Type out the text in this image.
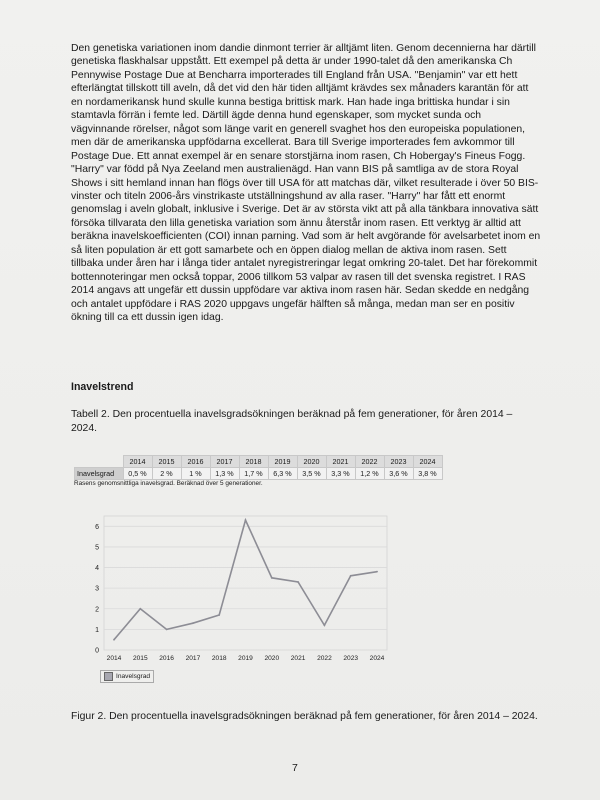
Den genetiska variationen inom dandie dinmont terrier är alltjämt liten. Genom decennierna har därtill genetiska flaskhalsar uppstått. Ett exempel på detta är under 1990-talet då den amerikanska Ch Pennywise Postage Due at Bencharra importerades till England från USA. "Benjamin" var ett hett efterlängtat tillskott till aveln, då det vid den här tiden alltjämt krävdes sex månaders karantän för att en nordamerikansk hund skulle kunna bestiga brittisk mark. Han hade inga brittiska hundar i sin stamtavla förrän i femte led. Därtill ägde denna hund egenskaper, som mycket sunda och vägvinnande rörelser, något som länge varit en generell svaghet hos den europeiska populationen, men där de amerikanska uppfödarna excellerat. Bara till Sverige importerades fem avkommor till Postage Due. Ett annat exempel är en senare storstjärna inom rasen, Ch Hobergay's Fineus Fogg. "Harry" var född på Nya Zeeland men australienägd. Han vann BIS på samtliga av de stora Royal Shows i sitt hemland innan han flögs över till USA för att matchas där, vilket resulterade i över 50 BIS-vinster och titeln 2006-års vinstrikaste utställningshund av alla raser. "Harry" har fått ett enormt genomslag i aveln globalt, inklusive i Sverige. Det är av största vikt att på alla tänkbara innovativa sätt försöka tillvarata den lilla genetiska variation som ännu återstår inom rasen. Ett verktyg är alltid att beräkna inavelskoefficienten (COI) innan parning. Vad som är helt avgörande för avelsarbetet inom en så liten population är ett gott samarbete och en öppen dialog mellan de aktiva inom rasen. Sett tillbaka under åren har i långa tider antalet nyregistreringar legat omkring 20-talet. Det har förekommit bottennoteringar men också toppar, 2006 tillkom 53 valpar av rasen till det svenska registret. I RAS 2014 angavs att ungefär ett dussin uppfödare var aktiva inom rasen här. Sedan skedde en nedgång och antalet uppfödare i RAS 2020 uppgavs ungefär hälften så många, medan man ser en positiv ökning till ca ett dussin igen idag.

Inavelstrend

Tabell 2. Den procentuella inavelsgradsökningen beräknad på fem generationer, för åren 2014 – 2024.

	2014	2015	2016	2017	2018	2019	2020	2021	2022	2023	2024
Inavelsgrad	0,5 %	2 %	1 %	1,3 %	1,7 %	6,3 %	3,5 %	3,3 %	1,2 %	3,6 %	3,8 %

Rasens genomsnittliga inavelsgrad. Beräknad över 5 generationer.

0
1
2
3
4
5
6
2014 2015 2016 2017 2018 2019 2020 2021 2022 2023 2024
Inavelsgrad

Figur 2. Den procentuella inavelsgradsökningen beräknad på fem generationer, för åren 2014 – 2024.

7
